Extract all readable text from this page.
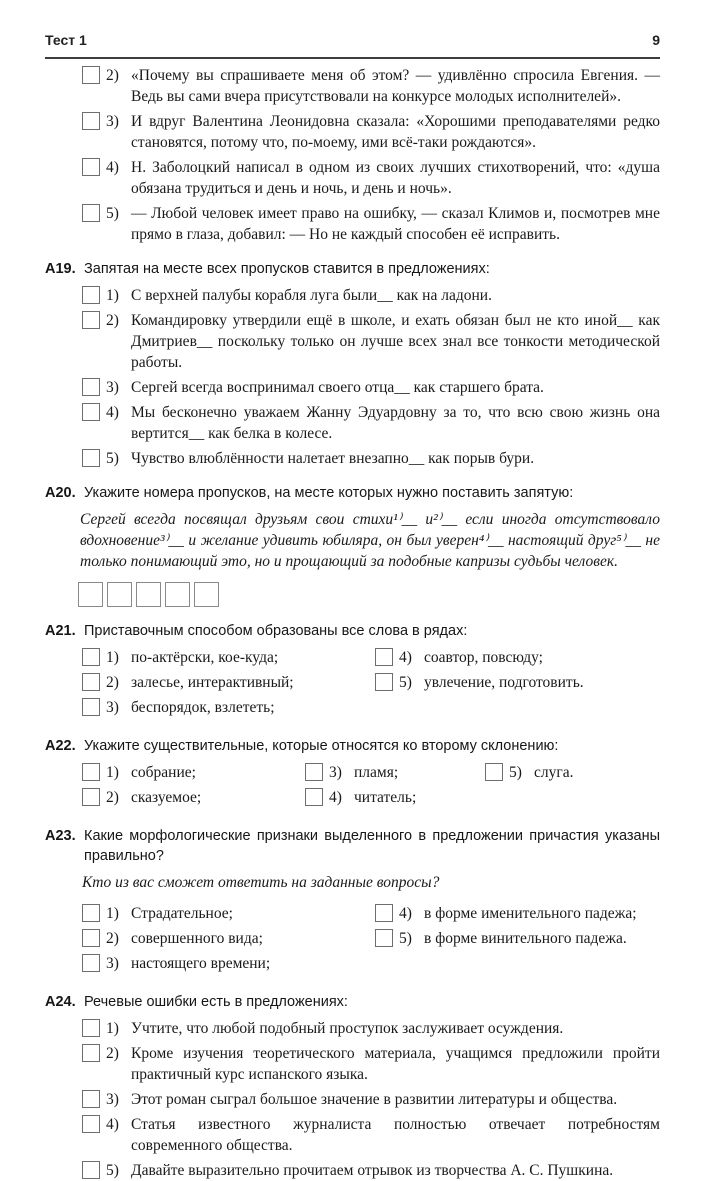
Тест 1	9
2) «Почему вы спрашиваете меня об этом? — удивлённо спросила Евгения. — Ведь вы сами вчера присутствовали на конкурсе молодых исполнителей».
3) И вдруг Валентина Леонидовна сказала: «Хорошими преподавателями редко становятся, потому что, по-моему, ими всё-таки рождаются».
4) Н. Заболоцкий написал в одном из своих лучших стихотворений, что: «душа обязана трудиться и день и ночь, и день и ночь».
5) — Любой человек имеет право на ошибку, — сказал Климов и, посмотрев мне прямо в глаза, добавил: — Но не каждый способен её исправить.
А19. Запятая на месте всех пропусков ставится в предложениях:
1) С верхней палубы корабля луга были__ как на ладони.
2) Командировку утвердили ещё в школе, и ехать обязан был не кто иной__ как Дмитриев__ поскольку только он лучше всех знал все тонкости методической работы.
3) Сергей всегда воспринимал своего отца__ как старшего брата.
4) Мы бесконечно уважаем Жанну Эдуардовну за то, что всю свою жизнь она вертится__ как белка в колесе.
5) Чувство влюблённости налетает внезапно__ как порыв бури.
А20. Укажите номера пропусков, на месте которых нужно поставить запятую:
Сергей всегда посвящал друзьям свои стихи¹⁾__ и²⁾__ если иногда отсутствовало вдохновение³⁾__ и желание удивить юбиляра, он был уверен⁴⁾__ настоящий друг⁵⁾__ не только понимающий это, но и прощающий за подобные капризы судьбы человек.
А21. Приставочным способом образованы все слова в рядах:
1) по-актёрски, кое-куда;	4) соавтор, повсюду;
2) залесье, интерактивный;	5) увлечение, подготовить.
3) беспорядок, взлететь;
А22. Укажите существительные, которые относятся ко второму склонению:
1) собрание;	3) пламя;	5) слуга.
2) сказуемое;	4) читатель;
А23. Какие морфологические признаки выделенного в предложении причастия указаны правильно?
Кто из вас сможет ответить на заданные вопросы?
1) Страдательное;	4) в форме именительного падежа;
2) совершенного вида;	5) в форме винительного падежа.
3) настоящего времени;
А24. Речевые ошибки есть в предложениях:
1) Учтите, что любой подобный проступок заслуживает осуждения.
2) Кроме изучения теоретического материала, учащимся предложили пройти практичный курс испанского языка.
3) Этот роман сыграл большое значение в развитии литературы и общества.
4) Статья известного журналиста полностью отвечает потребностям современного общества.
5) Давайте выразительно прочитаем отрывок из творчества А. С. Пушкина.
